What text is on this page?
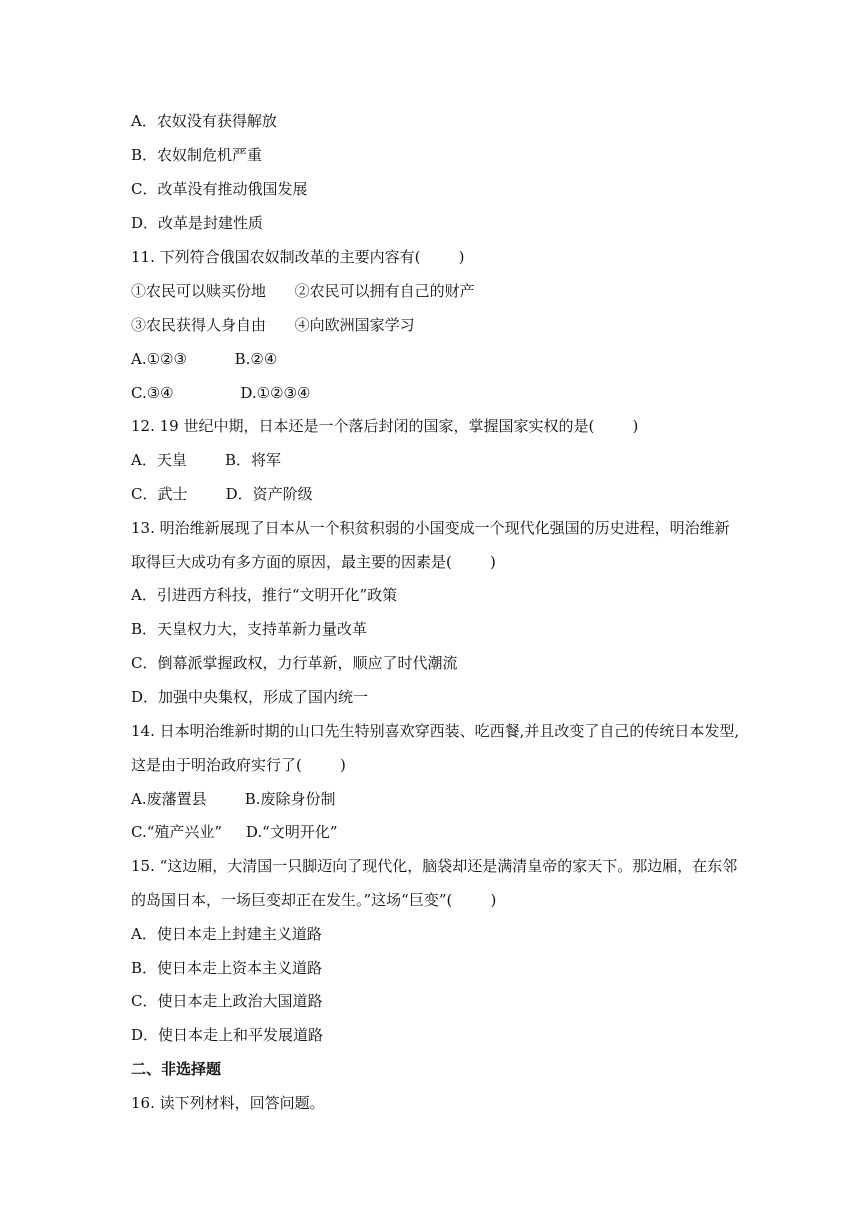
A．农奴没有获得解放
B．农奴制危机严重
C．改革没有推动俄国发展
D．改革是封建性质
11. 下列符合俄国农奴制改革的主要内容有(        )
①农民可以赎买份地      ②农民可以拥有自己的财产
③农民获得人身自由      ④向欧洲国家学习
A.①②③          B.②④
C.③④              D.①②③④
12. 19 世纪中期，日本还是一个落后封闭的国家，掌握国家实权的是(        )
A．天皇        B．将军
C．武士        D．资产阶级
13. 明治维新展现了日本从一个积贫积弱的小国变成一个现代化强国的历史进程，明治维新
取得巨大成功有多方面的原因，最主要的因素是(        )
A．引进西方科技，推行“文明开化”政策
B．天皇权力大，支持革新力量改革
C．倒幕派掌握政权，力行革新，顺应了时代潮流
D．加强中央集权，形成了国内统一
14. 日本明治维新时期的山口先生特别喜欢穿西装、吃西餐,并且改变了自己的传统日本发型,
这是由于明治政府实行了(        )
A.废藩置县        B.废除身份制
C.“殖产兴业”     D.“文明开化”
15. “这边厢，大清国一只脚迈向了现代化，脑袋却还是满清皇帝的家天下。那边厢，在东邻
的岛国日本，一场巨变却正在发生。”这场“巨变”(        )
A．使日本走上封建主义道路
B．使日本走上资本主义道路
C．使日本走上政治大国道路
D．使日本走上和平发展道路
二、非选择题
16. 读下列材料，回答问题。
